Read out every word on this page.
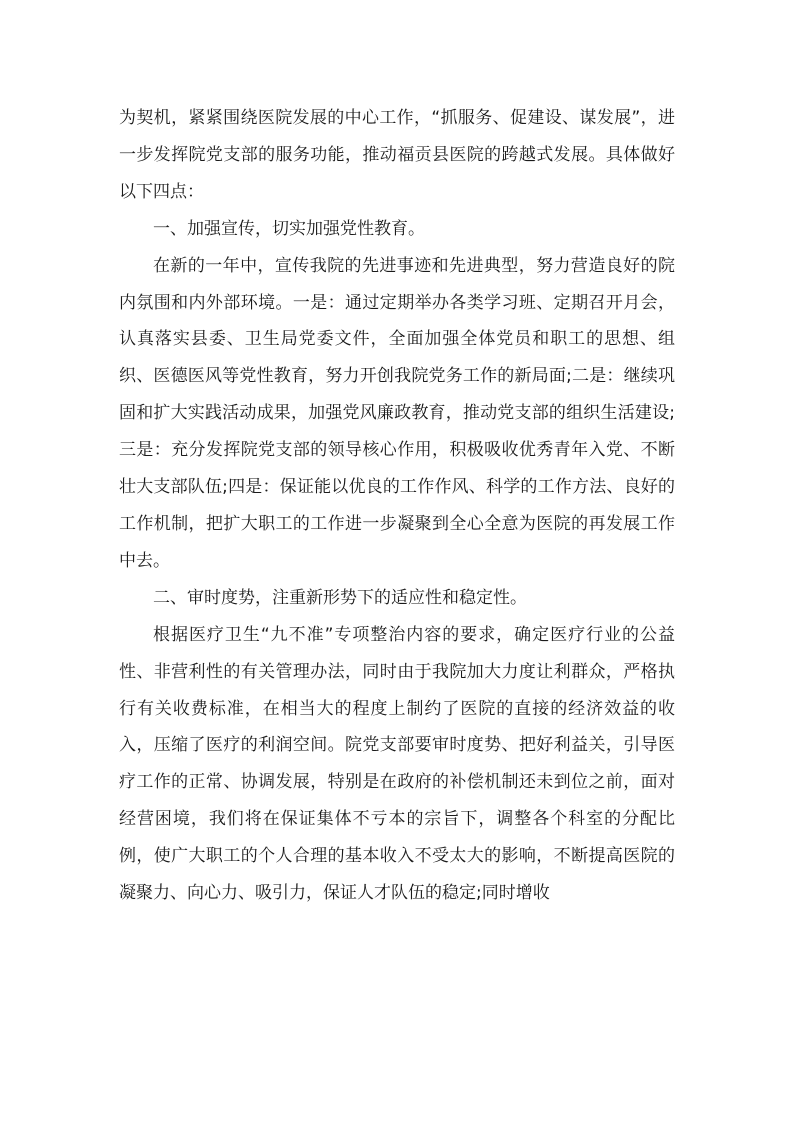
为契机，紧紧围绕医院发展的中心工作，“抓服务、促建设、谋发展”，进一步发挥院党支部的服务功能，推动福贡县医院的跨越式发展。具体做好以下四点：

一、加强宣传，切实加强党性教育。

在新的一年中，宣传我院的先进事迹和先进典型，努力营造良好的院内氛围和内外部环境。一是：通过定期举办各类学习班、定期召开月会，认真落实县委、卫生局党委文件，全面加强全体党员和职工的思想、组织、医德医风等党性教育，努力开创我院党务工作的新局面;二是：继续巩固和扩大实践活动成果，加强党风廉政教育，推动党支部的组织生活建设;三是：充分发挥院党支部的领导核心作用，积极吸收优秀青年入党、不断壮大支部队伍;四是：保证能以优良的工作作风、科学的工作方法、良好的工作机制，把扩大职工的工作进一步凝聚到全心全意为医院的再发展工作中去。

二、审时度势，注重新形势下的适应性和稳定性。

根据医疗卫生“九不准”专项整治内容的要求，确定医疗行业的公益性、非营利性的有关管理办法，同时由于我院加大力度让利群众，严格执行有关收费标准，在相当大的程度上制约了医院的直接的经济效益的收入，压缩了医疗的利润空间。院党支部要审时度势、把好利益关，引导医疗工作的正常、协调发展，特别是在政府的补偿机制还未到位之前，面对经营困境，我们将在保证集体不亏本的宗旨下，调整各个科室的分配比例，使广大职工的个人合理的基本收入不受太大的影响，不断提高医院的凝聚力、向心力、吸引力，保证人才队伍的稳定;同时增收
